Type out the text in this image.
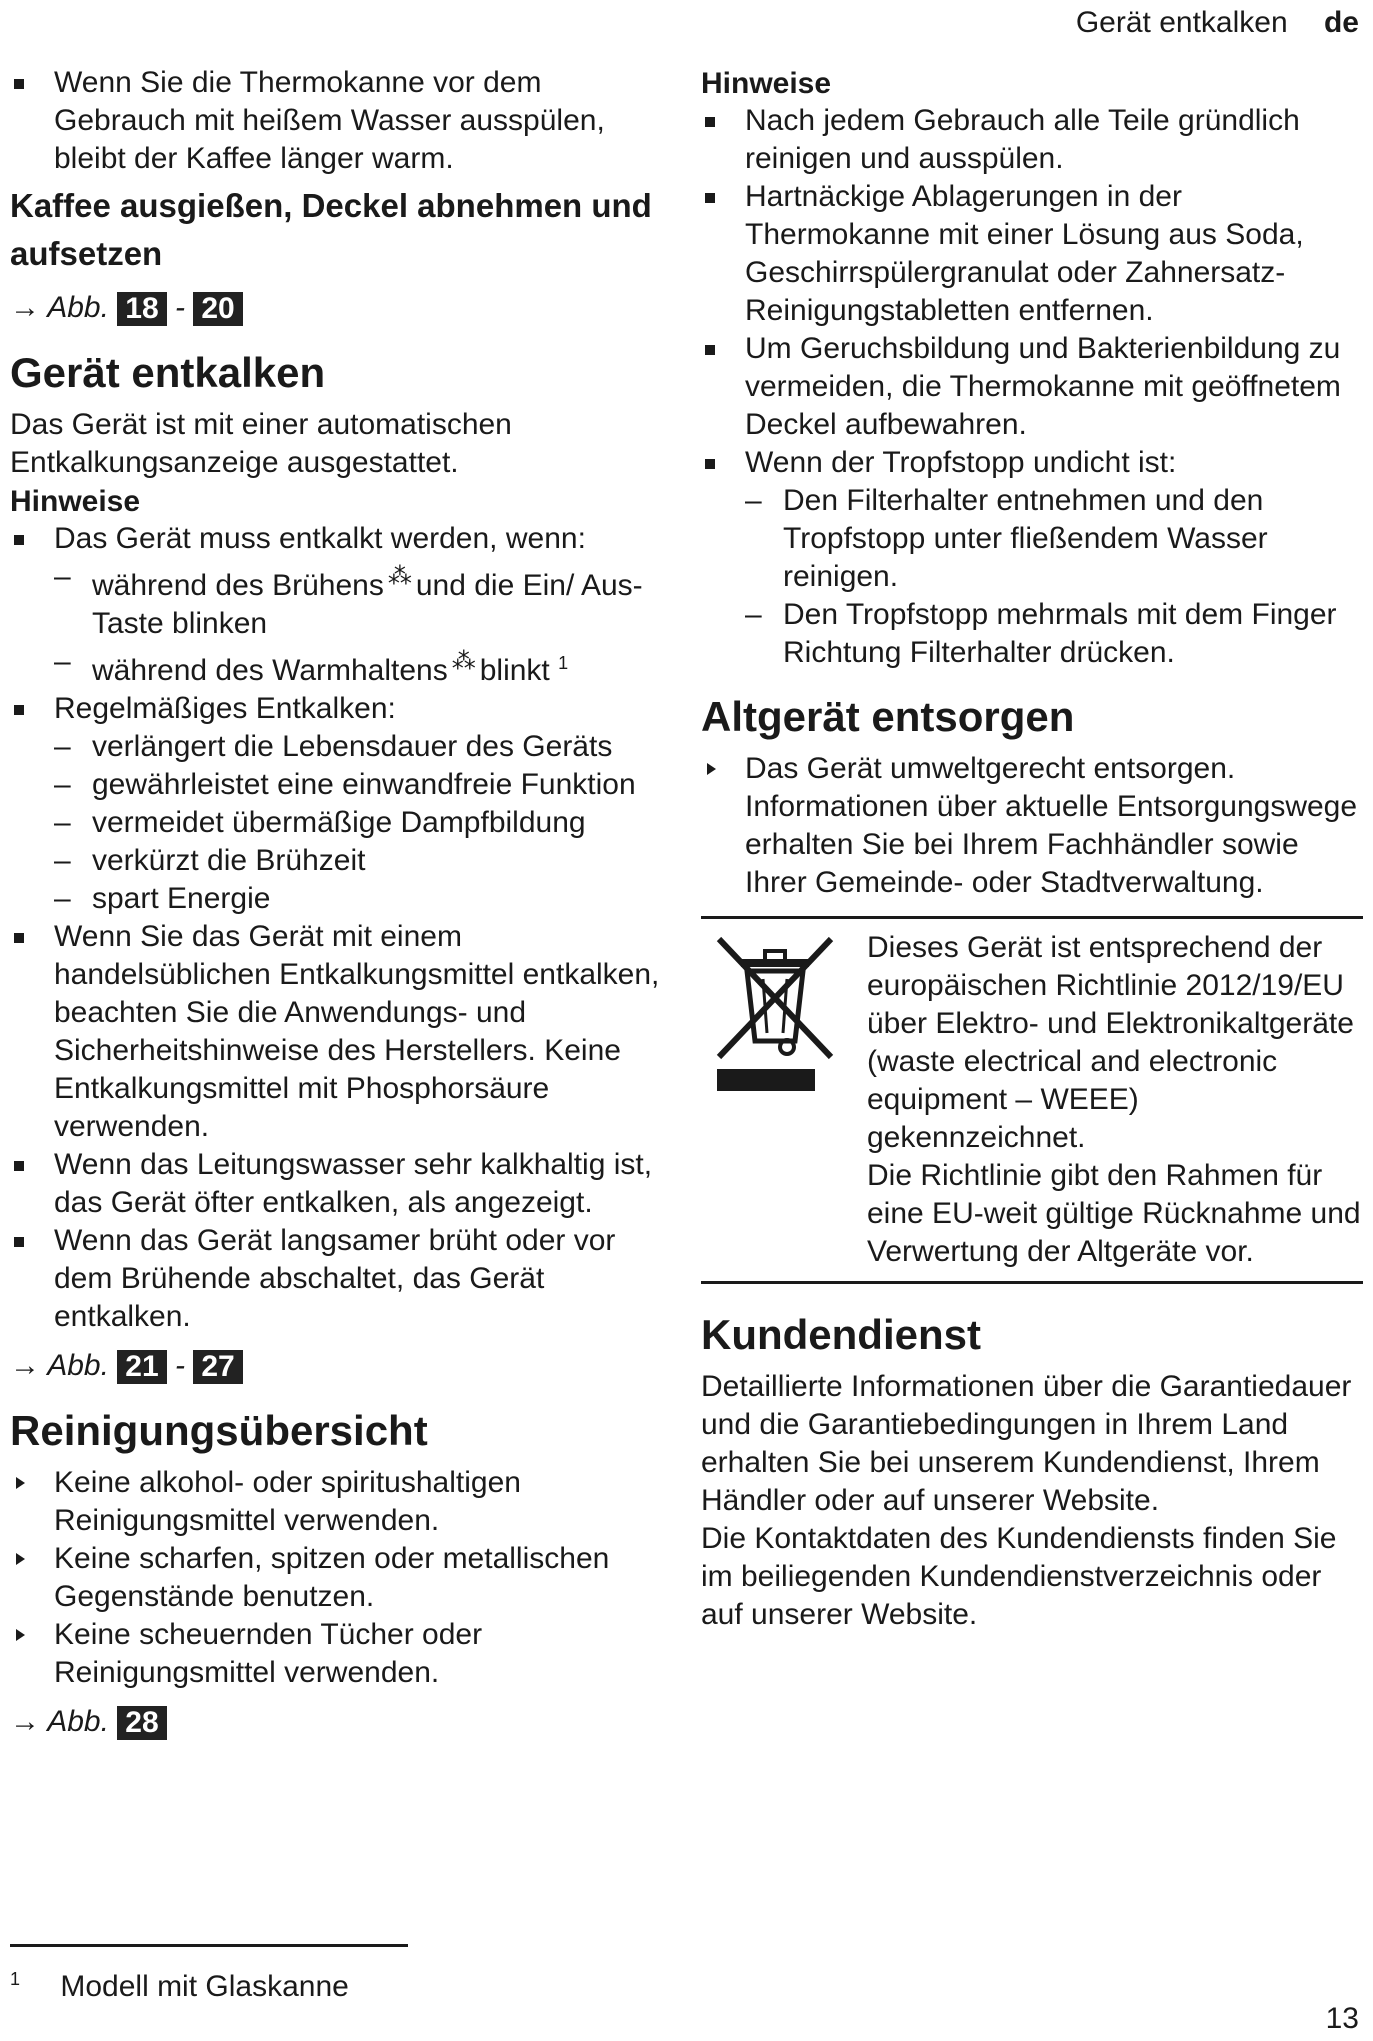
Gerät entkalken de
Wenn Sie die Thermokanne vor dem Gebrauch mit heißem Wasser ausspülen, bleibt der Kaffee länger warm.
Kaffee ausgießen, Deckel abnehmen und aufsetzen
→ Abb. 18 - 20
Gerät entkalken

Das Gerät ist mit einer automatischen Entkalkungsanzeige ausgestattet.

Hinweise
Das Gerät muss entkalkt werden, wenn:
– während des Brühens ⁂ und die Ein/ Aus-Taste blinken
– während des Warmhaltens ⁂ blinkt $^1$
Regelmäßiges Entkalken:
– verlängert die Lebensdauer des Geräts
– gewährleistet eine einwandfreie Funktion
– vermeidet übermäßige Dampfbildung
– verkürzt die Brühzeit
– spart Energie
Wenn Sie das Gerät mit einem handelsüblichen Entkalkungsmittel entkalken, beachten Sie die Anwendungs- und Sicherheitshinweise des Herstellers. Keine Entkalkungsmittel mit Phosphorsäure verwenden.
Wenn das Leitungswasser sehr kalkhaltig ist, das Gerät öfter entkalken, als angezeigt.
Wenn das Gerät langsamer brüht oder vor dem Brühende abschaltet, das Gerät entkalken.
→ Abb. 21 - 27
Reinigungsübersicht
Keine alkohol- oder spiritushaltigen Reinigungsmittel verwenden.
Keine scharfen, spitzen oder metallischen Gegenstände benutzen.
Keine scheuernden Tücher oder Reinigungsmittel verwenden.
→ Abb. 28
Hinweise
Nach jedem Gebrauch alle Teile gründlich reinigen und ausspülen.
Hartnäckige Ablagerungen in der Thermokanne mit einer Lösung aus Soda, Geschirrspülergranulat oder Zahnersatz-Reinigungstabletten entfernen.
Um Geruchsbildung und Bakterienbildung zu vermeiden, die Thermokanne mit geöffnetem Deckel aufbewahren.
Wenn der Tropfstopp undicht ist:
– Den Filterhalter entnehmen und den Tropfstopp unter fließendem Wasser reinigen.
– Den Tropfstopp mehrmals mit dem Finger Richtung Filterhalter drücken.
Altgerät entsorgen
Das Gerät umweltgerecht entsorgen.

Informationen über aktuelle Entsorgungswege erhalten Sie bei Ihrem Fachhändler sowie Ihrer Gemeinde- oder Stadtverwaltung.

Dieses Gerät ist entsprechend der europäischen Richtlinie 2012/19/EU über Elektro- und Elektronikaltgeräte (waste electrical and electronic equipment – WEEE) gekennzeichnet.
Die Richtlinie gibt den Rahmen für eine EU-weit gültige Rücknahme und Verwertung der Altgeräte vor.
Kundendienst

Detaillierte Informationen über die Garantiedauer und die Garantiebedingungen in Ihrem Land erhalten Sie bei unserem Kundendienst, Ihrem Händler oder auf unserer Website.

Die Kontaktdaten des Kundendiensts finden Sie im beiliegenden Kundendienstverzeichnis oder auf unserer Website.

$^1$ Modell mit Glaskanne
13
